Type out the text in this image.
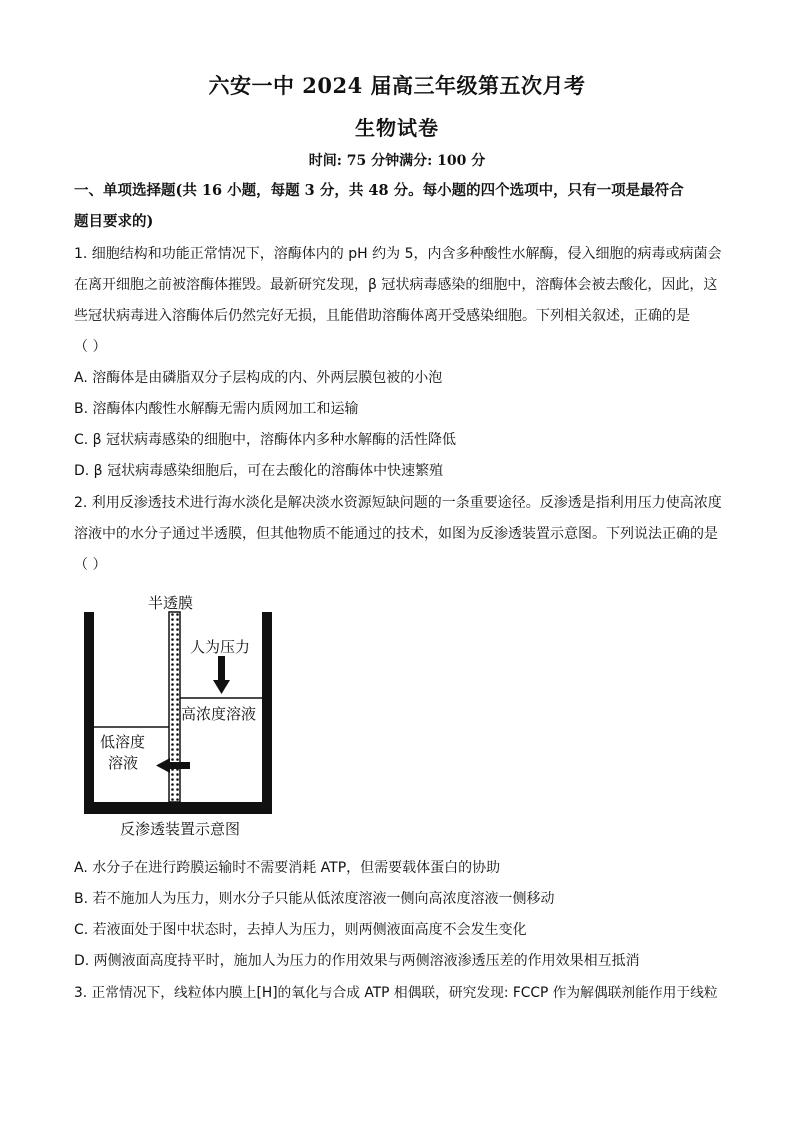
六安一中 2024 届高三年级第五次月考
生物试卷
时间: 75 分钟满分: 100 分
一、单项选择题(共 16 小题，每题 3 分，共 48 分。每小题的四个选项中，只有一项是最符合
题目要求的)
1. 细胞结构和功能正常情况下，溶酶体内的 pH 约为 5，内含多种酸性水解酶，侵入细胞的病毒或病菌会
在离开细胞之前被溶酶体摧毁。最新研究发现，β 冠状病毒感染的细胞中，溶酶体会被去酸化，因此，这
些冠状病毒进入溶酶体后仍然完好无损，且能借助溶酶体离开受感染细胞。下列相关叙述，正确的是
（ ）
A. 溶酶体是由磷脂双分子层构成的内、外两层膜包被的小泡
B. 溶酶体内酸性水解酶无需内质网加工和运输
C. β 冠状病毒感染的细胞中，溶酶体内多种水解酶的活性降低
D. β 冠状病毒感染细胞后，可在去酸化的溶酶体中快速繁殖
2. 利用反渗透技术进行海水淡化是解决淡水资源短缺问题的一条重要途径。反渗透是指利用压力使高浓度
溶液中的水分子通过半透膜，但其他物质不能通过的技术，如图为反渗透装置示意图。下列说法正确的是
（ ）
半透膜
人为压力
高浓度溶液
低溶度
溶液
反渗透装置示意图
A. 水分子在进行跨膜运输时不需要消耗 ATP，但需要载体蛋白的协助
B. 若不施加人为压力，则水分子只能从低浓度溶液一侧向高浓度溶液一侧移动
C. 若液面处于图中状态时，去掉人为压力，则两侧液面高度不会发生变化
D. 两侧液面高度持平时，施加人为压力的作用效果与两侧溶液渗透压差的作用效果相互抵消
3. 正常情况下，线粒体内膜上[H]的氧化与合成 ATP 相偶联，研究发现: FCCP 作为解偶联剂能作用于线粒
